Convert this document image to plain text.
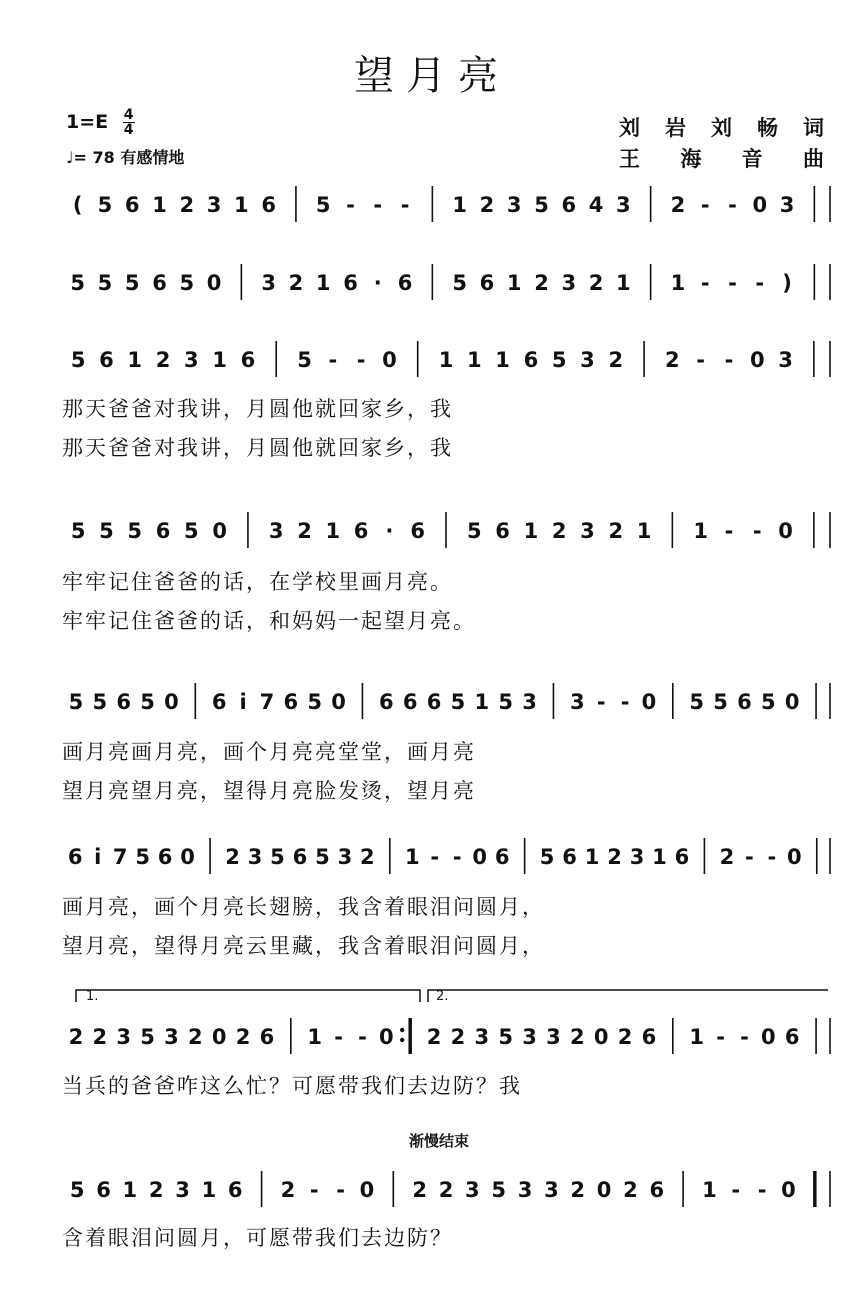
望月亮
$1=E \frac{4}{4}$
♩= 78 有感情地
刘岩刘畅词
王海音曲
渐慢结束
1.	2.
( 5 6 1 2 3 1 6 5 - - - 1 2 3 5 6 4 3 2 - - 0 3
5 5 5 6 5 0 3 2 1 6 · 6 5 6 1 2 3 2 1 1 - - - )
5 6 1 2 3 1 6 5 - - 0 1 1 1 6 5 3 2 2 - - 0 3
5 5 5 6 5 0 3 2 1 6 · 6 5 6 1 2 3 2 1 1 - - 0
5 5 6 5 0 6 i 7 6 5 0 6 6 6 5 1 5 3 3 - - 0 5 5 6 5 0
6 i 7 5 6 0 2 3 5 6 5 3 2 1 - - 0 6 5 6 1 2 3 1 6 2 - - 0
2 2 3 5 3 2 0 2 6 1 - - 0 2 2 3 5 3 3 2 0 2 6 1 - - 0 6
5 6 1 2 3 1 6 2 - - 0 2 2 3 5 3 3 2 0 2 6 1 - - 0
那天爸爸对我讲，月圆他就回家乡，我
那天爸爸对我讲，月圆他就回家乡，我
牢牢记住爸爸的话，在学校里画月亮。
牢牢记住爸爸的话，和妈妈一起望月亮。
画月亮画月亮，画个月亮亮堂堂，画月亮
望月亮望月亮，望得月亮脸发烫，望月亮
画月亮，画个月亮长翅膀，我含着眼泪问圆月，
望月亮，望得月亮云里藏，我含着眼泪问圆月，
当兵的爸爸咋这么忙？可愿带我们去边防？我
含着眼泪问圆月，可愿带我们去边防？
